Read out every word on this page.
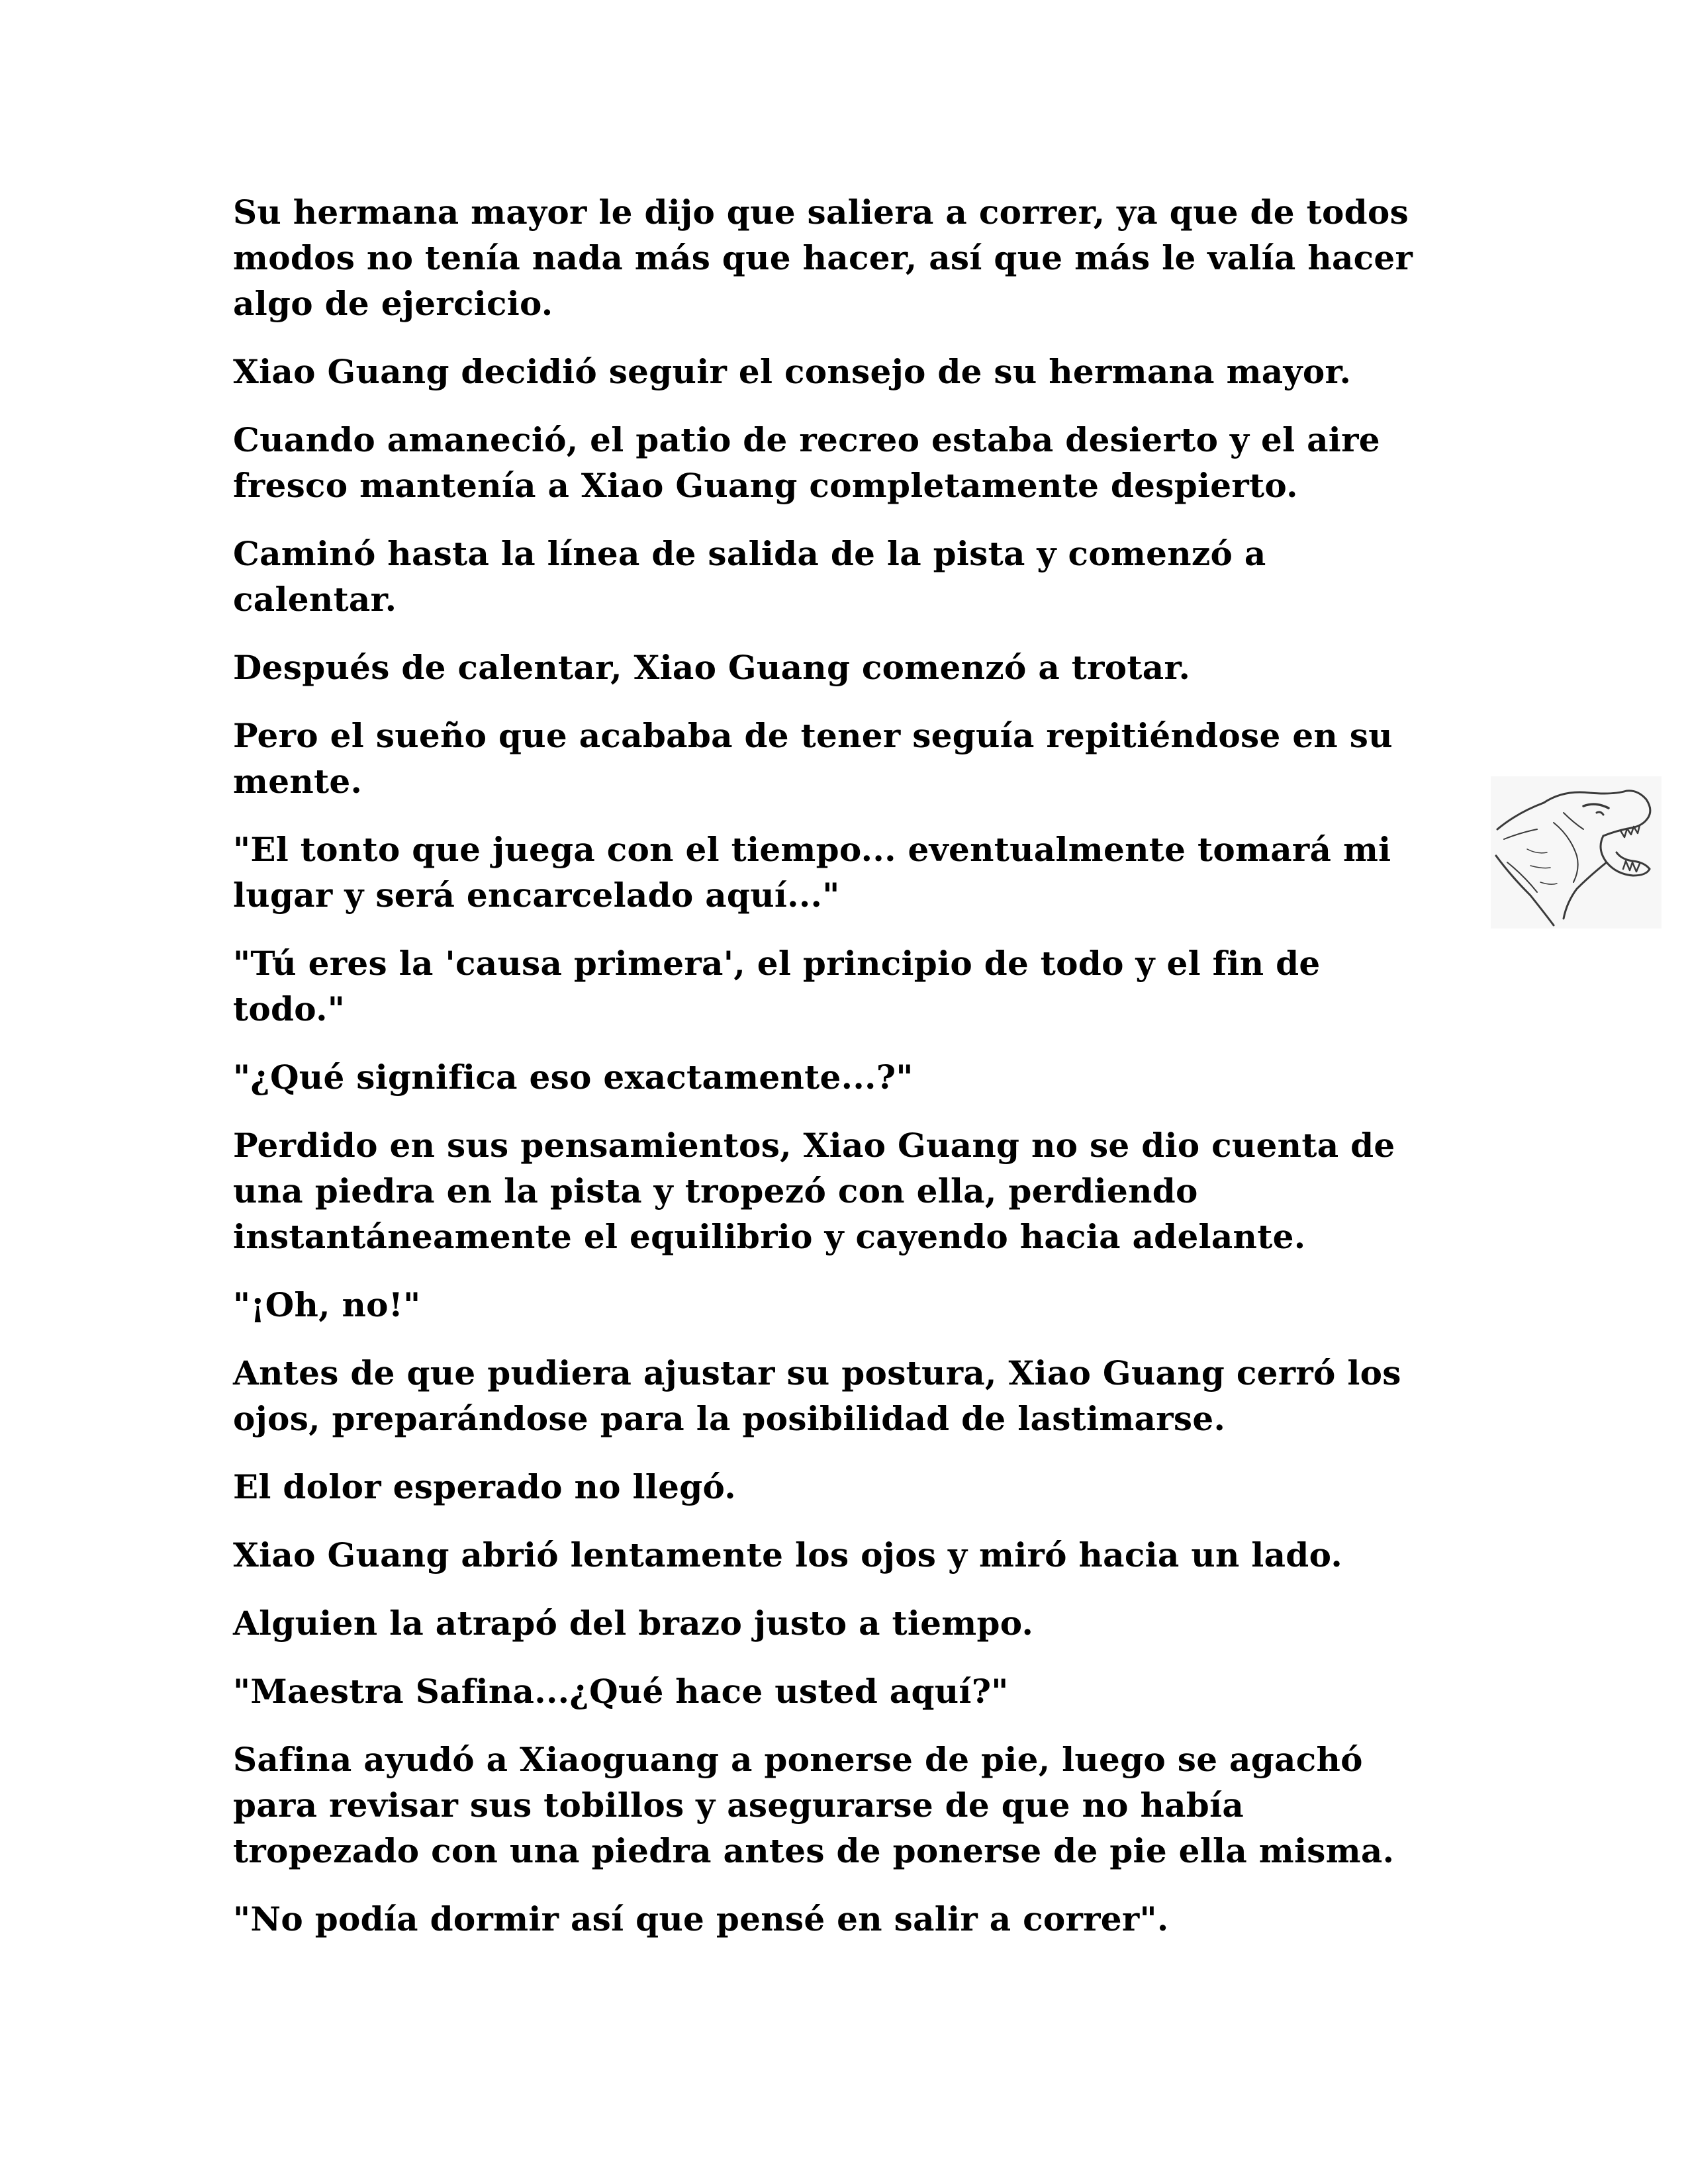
Su hermana mayor le dijo que saliera a correr, ya que de todos
modos no tenía nada más que hacer, así que más le valía hacer
algo de ejercicio.

Xiao Guang decidió seguir el consejo de su hermana mayor.

Cuando amaneció, el patio de recreo estaba desierto y el aire
fresco mantenía a Xiao Guang completamente despierto.

Caminó hasta la línea de salida de la pista y comenzó a
calentar.

Después de calentar, Xiao Guang comenzó a trotar.

Pero el sueño que acababa de tener seguía repitiéndose en su
mente.

"El tonto que juega con el tiempo... eventualmente tomará mi
lugar y será encarcelado aquí..."

"Tú eres la 'causa primera', el principio de todo y el fin de
todo."

"¿Qué significa eso exactamente...?"

Perdido en sus pensamientos, Xiao Guang no se dio cuenta de
una piedra en la pista y tropezó con ella, perdiendo
instantáneamente el equilibrio y cayendo hacia adelante.

"¡Oh, no!"

Antes de que pudiera ajustar su postura, Xiao Guang cerró los
ojos, preparándose para la posibilidad de lastimarse.

El dolor esperado no llegó.

Xiao Guang abrió lentamente los ojos y miró hacia un lado.

Alguien la atrapó del brazo justo a tiempo.

"Maestra Safina...¿Qué hace usted aquí?"

Safina ayudó a Xiaoguang a ponerse de pie, luego se agachó
para revisar sus tobillos y asegurarse de que no había
tropezado con una piedra antes de ponerse de pie ella misma.

"No podía dormir así que pensé en salir a correr".
